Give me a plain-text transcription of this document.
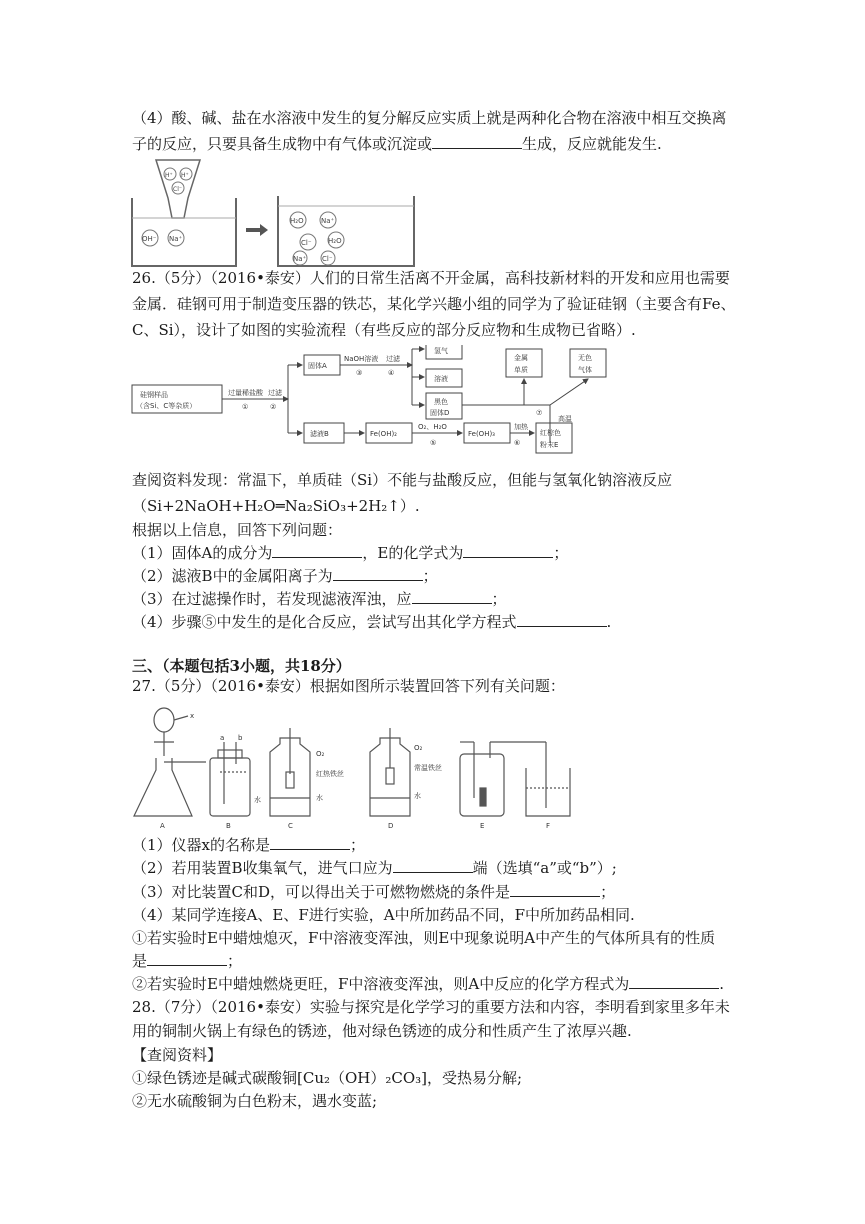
（4）酸、碱、盐在水溶液中发生的复分解反应实质上就是两种化合物在溶液中相互交换离
子的反应，只要具备生成物中有气体或沉淀或	生成，反应就能发生.
H⁺ H⁺
Cl⁻
OH⁻ Na⁺
H₂O Na⁺
Cl⁻ H₂O
Na⁺ Cl⁻
26.（5分）（2016•泰安）人们的日常生活离不开金属，高科技新材料的开发和应用也需要
金属．硅钢可用于制造变压器的铁芯，某化学兴趣小组的同学为了验证硅钢（主要含有Fe、
C、Si），设计了如图的实验流程（有些反应的部分反应物和生成物已省略）.
硅钢样品
（含Si、C等杂质）
过量稀盐酸
①
过滤
②
固体A
NaOH溶液
③
过滤
④
氢气
溶液
黑色
固体D
金属
单质
无色
气体
⑦
高温
滤液B	Fe(OH)₂
O₂、H₂O
⑤
Fe(OH)₃
加热
⑥
红棕色
粉末E
查阅资料发现：常温下，单质硅（Si）不能与盐酸反应，但能与氢氧化钠溶液反应
（Si+2NaOH+H₂O═Na₂SiO₃+2H₂↑）.
根据以上信息，回答下列问题：
（1）固体A的成分为	，E的化学式为	；
（2）滤液B中的金属阳离子为	；
（3）在过滤操作时，若发现滤液浑浊，应	；
（4）步骤⑤中发生的是化合反应，尝试写出其化学方程式	.
三、（本题包括3小题，共18分）
27.（5分）（2016•泰安）根据如图所示装置回答下列有关问题：
x
a b
水
O₂
红热铁丝
水
O₂
常温铁丝
水
A	B	C	D	E	F
（1）仪器x的名称是	；
（2）若用装置B收集氧气，进气口应为	端（选填“a”或“b”）;
（3）对比装置C和D，可以得出关于可燃物燃烧的条件是	；
（4）某同学连接A、E、F进行实验，A中所加药品不同，F中所加药品相同.
①若实验时E中蜡烛熄灭，F中溶液变浑浊，则E中现象说明A中产生的气体所具有的性质
是	；
②若实验时E中蜡烛燃烧更旺，F中溶液变浑浊，则A中反应的化学方程式为	.
28.（7分）（2016•泰安）实验与探究是化学学习的重要方法和内容，李明看到家里多年未
用的铜制火锅上有绿色的锈迹，他对绿色锈迹的成分和性质产生了浓厚兴趣.
【查阅资料】
①绿色锈迹是碱式碳酸铜[Cu₂（OH）₂CO₃]，受热易分解;
②无水硫酸铜为白色粉末，遇水变蓝;
